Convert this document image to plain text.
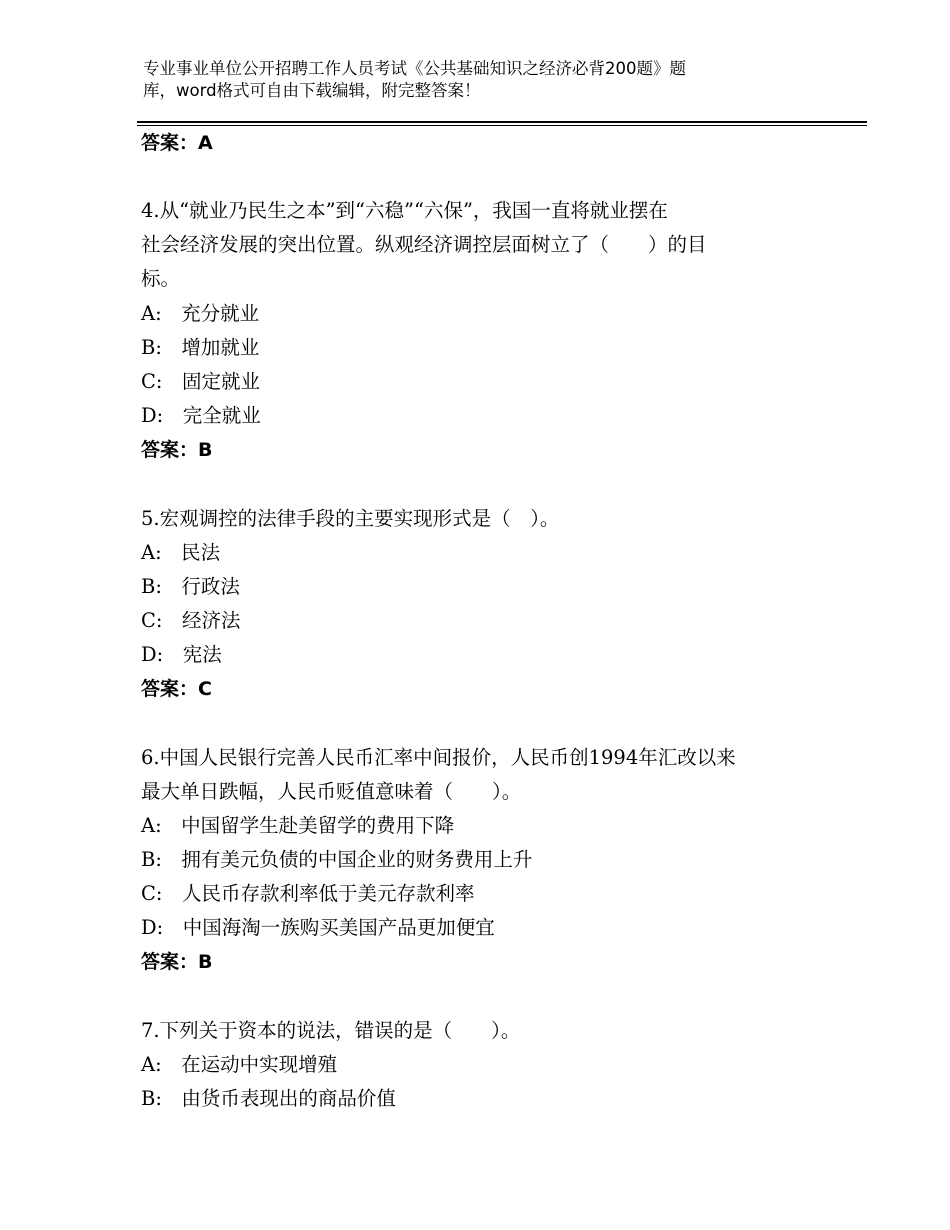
专业事业单位公开招聘工作人员考试《公共基础知识之经济必背200题》题
库，word格式可自由下载编辑，附完整答案！
答案：A
4.从“就业乃民生之本”到“六稳”“六保”，我国一直将就业摆在
社会经济发展的突出位置。纵观经济调控层面树立了（　　）的目
标。
A:　充分就业
B:　增加就业
C:　固定就业
D:　完全就业
答案：B
5.宏观调控的法律手段的主要实现形式是（　）。
A:　民法
B:　行政法
C:　经济法
D:　宪法
答案：C
6.中国人民银行完善人民币汇率中间报价，人民币创1994年汇改以来
最大单日跌幅，人民币贬值意味着（　　）。
A:　中国留学生赴美留学的费用下降
B:　拥有美元负债的中国企业的财务费用上升
C:　人民币存款利率低于美元存款利率
D:　中国海淘一族购买美国产品更加便宜
答案：B
7.下列关于资本的说法，错误的是（　　）。
A:　在运动中实现增殖
B:　由货币表现出的商品价值
